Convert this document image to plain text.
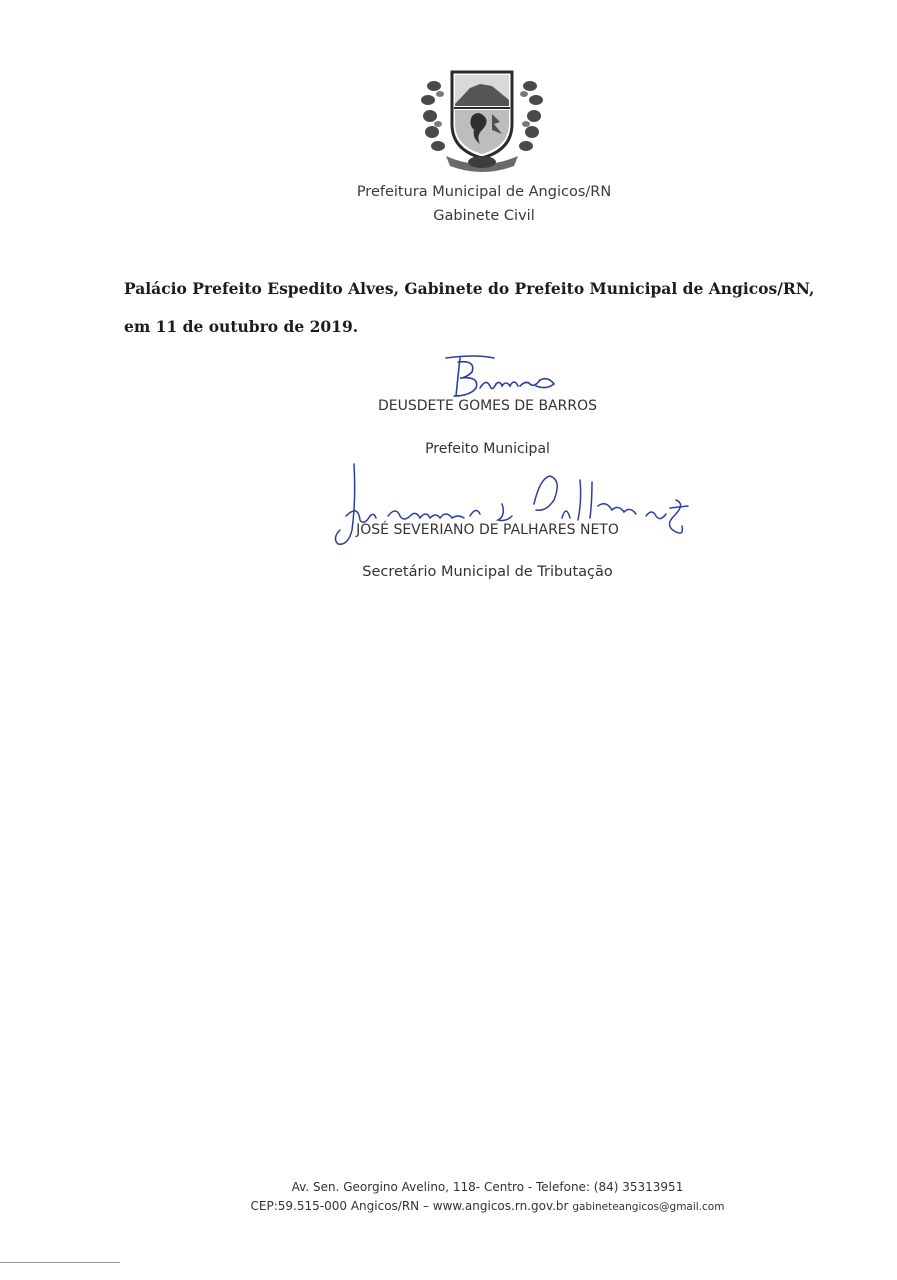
Prefeitura Municipal de Angicos/RN
Gabinete Civil
Palácio Prefeito Espedito Alves, Gabinete do Prefeito Municipal de Angicos/RN, em 11 de outubro de 2019.
DEUSDETE GOMES DE BARROS
Prefeito Municipal
JOSÉ SEVERIANO DE PALHARES NETO
Secretário Municipal de Tributação
Av. Sen. Georgino Avelino, 118- Centro - Telefone: (84) 35313951
CEP:59.515-000 Angicos/RN – www.angicos.rn.gov.br gabineteangicos@gmail.com
